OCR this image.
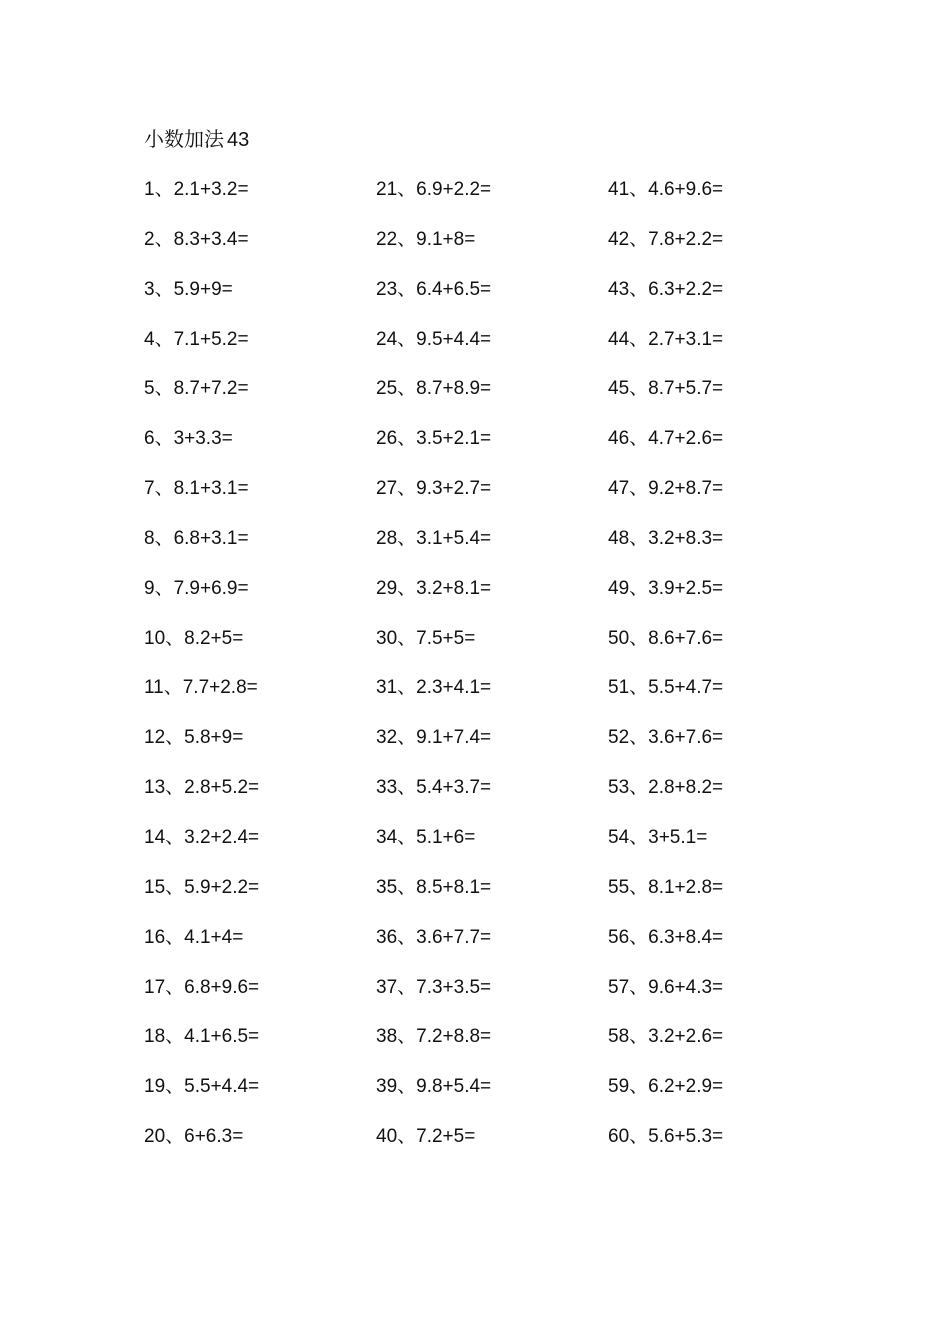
小数加法 43
1、2.1+3.2=
2、8.3+3.4=
3、5.9+9=
4、7.1+5.2=
5、8.7+7.2=
6、3+3.3=
7、8.1+3.1=
8、6.8+3.1=
9、7.9+6.9=
10、8.2+5=
11、7.7+2.8=
12、5.8+9=
13、2.8+5.2=
14、3.2+2.4=
15、5.9+2.2=
16、4.1+4=
17、6.8+9.6=
18、4.1+6.5=
19、5.5+4.4=
20、6+6.3=
21、6.9+2.2=
22、9.1+8=
23、6.4+6.5=
24、9.5+4.4=
25、8.7+8.9=
26、3.5+2.1=
27、9.3+2.7=
28、3.1+5.4=
29、3.2+8.1=
30、7.5+5=
31、2.3+4.1=
32、9.1+7.4=
33、5.4+3.7=
34、5.1+6=
35、8.5+8.1=
36、3.6+7.7=
37、7.3+3.5=
38、7.2+8.8=
39、9.8+5.4=
40、7.2+5=
41、4.6+9.6=
42、7.8+2.2=
43、6.3+2.2=
44、2.7+3.1=
45、8.7+5.7=
46、4.7+2.6=
47、9.2+8.7=
48、3.2+8.3=
49、3.9+2.5=
50、8.6+7.6=
51、5.5+4.7=
52、3.6+7.6=
53、2.8+8.2=
54、3+5.1=
55、8.1+2.8=
56、6.3+8.4=
57、9.6+4.3=
58、3.2+2.6=
59、6.2+2.9=
60、5.6+5.3=
